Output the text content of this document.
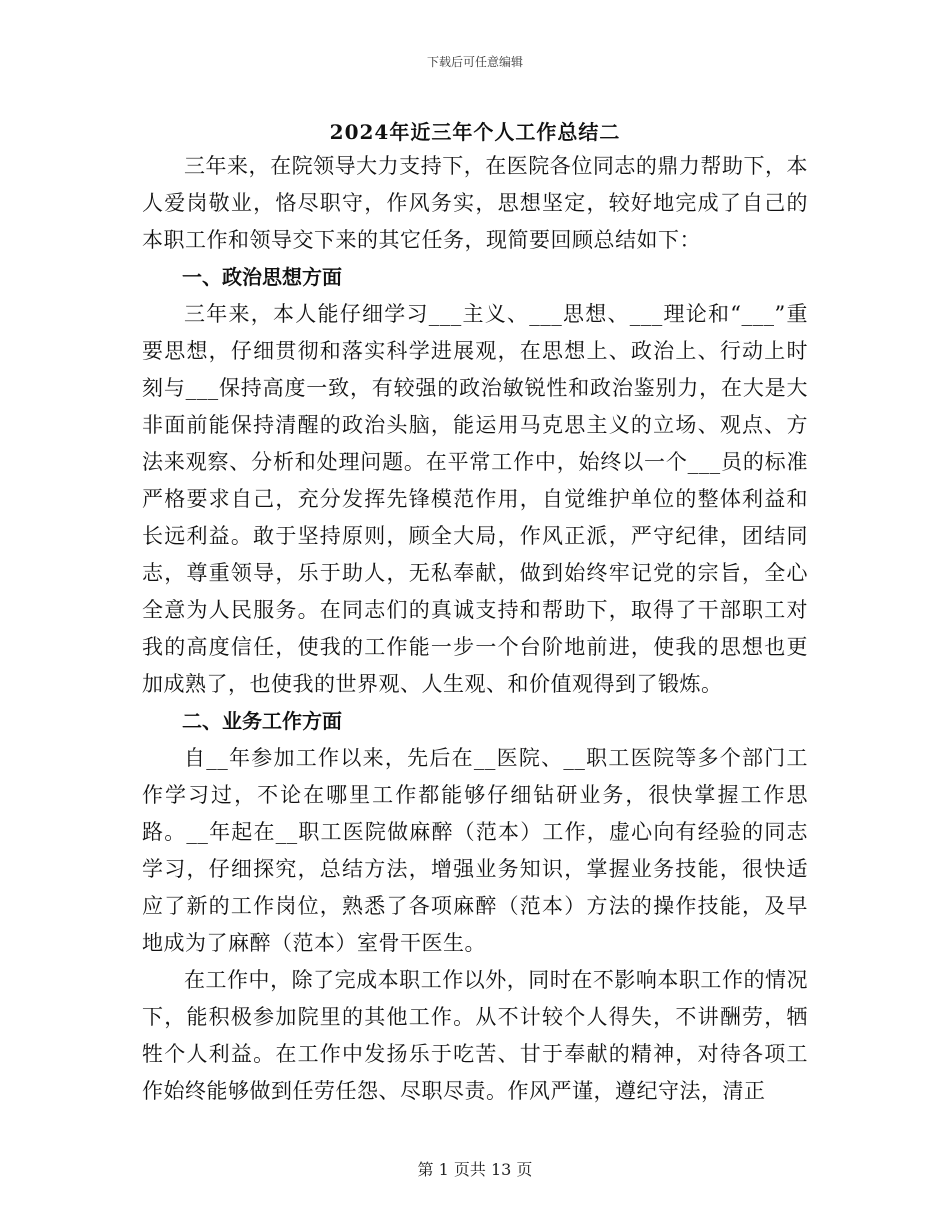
下载后可任意编辑
2024年近三年个人工作总结二

三年来，在院领导大力支持下，在医院各位同志的鼎力帮助下，本人爱岗敬业，恪尽职守，作风务实，思想坚定，较好地完成了自己的本职工作和领导交下来的其它任务，现简要回顾总结如下：

一、政治思想方面

三年来，本人能仔细学习___主义、___思想、___理论和“___”重要思想，仔细贯彻和落实科学进展观，在思想上、政治上、行动上时刻与___保持高度一致，有较强的政治敏锐性和政治鉴别力，在大是大非面前能保持清醒的政治头脑，能运用马克思主义的立场、观点、方法来观察、分析和处理问题。在平常工作中，始终以一个___员的标准严格要求自己，充分发挥先锋模范作用，自觉维护单位的整体利益和长远利益。敢于坚持原则，顾全大局，作风正派，严守纪律，团结同志，尊重领导，乐于助人，无私奉献，做到始终牢记党的宗旨，全心全意为人民服务。在同志们的真诚支持和帮助下，取得了干部职工对我的高度信任，使我的工作能一步一个台阶地前进，使我的思想也更加成熟了，也使我的世界观、人生观、和价值观得到了锻炼。

二、业务工作方面

自__年参加工作以来，先后在__医院、__职工医院等多个部门工作学习过，不论在哪里工作都能够仔细钻研业务，很快掌握工作思路。__年起在__职工医院做麻醉（范本）工作，虚心向有经验的同志学习，仔细探究，总结方法，增强业务知识，掌握业务技能，很快适应了新的工作岗位，熟悉了各项麻醉（范本）方法的操作技能，及早地成为了麻醉（范本）室骨干医生。

在工作中，除了完成本职工作以外，同时在不影响本职工作的情况下，能积极参加院里的其他工作。从不计较个人得失，不讲酬劳，牺牲个人利益。在工作中发扬乐于吃苦、甘于奉献的精神，对待各项工作始终能够做到任劳任怨、尽职尽责。作风严谨，遵纪守法，清正

第 1 页共 13 页
